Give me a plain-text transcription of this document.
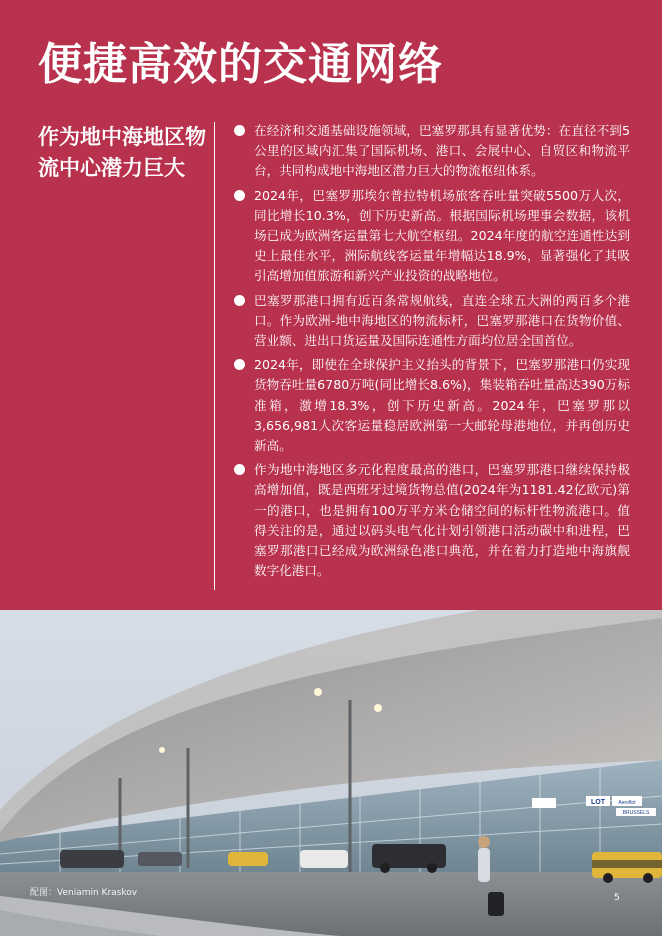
便捷高效的交通网络
作为地中海地区物流中心潜力巨大
在经济和交通基础设施领域，巴塞罗那具有显著优势：在直径不到5公里的区域内汇集了国际机场、港口、会展中心、自贸区和物流平台，共同构成地中海地区潜力巨大的物流枢纽体系。
2024年，巴塞罗那埃尔普拉特机场旅客吞吐量突破5500万人次，同比增长10.3%，创下历史新高。根据国际机场理事会数据，该机场已成为欧洲客运量第七大航空枢纽。2024年度的航空连通性达到史上最佳水平，洲际航线客运量年增幅达18.9%，显著强化了其吸引高增加值旅游和新兴产业投资的战略地位。
巴塞罗那港口拥有近百条常规航线，直连全球五大洲的两百多个港口。作为欧洲-地中海地区的物流标杆，巴塞罗那港口在货物价值、营业额、进出口货运量及国际连通性方面均位居全国首位。
2024年，即使在全球保护主义抬头的背景下，巴塞罗那港口仍实现货物吞吐量6780万吨(同比增长8.6%)，集装箱吞吐量高达390万标准箱，激增18.3%，创下历史新高。2024年，巴塞罗那以3,656,981人次客运量稳居欧洲第一大邮轮母港地位，并再创历史新高。
作为地中海地区多元化程度最高的港口，巴塞罗那港口继续保持极高增加值，既是西班牙过境货物总值(2024年为1181.42亿欧元)第一的港口，也是拥有100万平方米仓储空间的标杆性物流港口。值得关注的是，通过以码头电气化计划引领港口活动碳中和进程，巴塞罗那港口已经成为欧洲绿色港口典范，并在着力打造地中海旗舰数字化港口。
LOT	Aeroflot
BRUSSELS
配图：Veniamin Kraskov	5
